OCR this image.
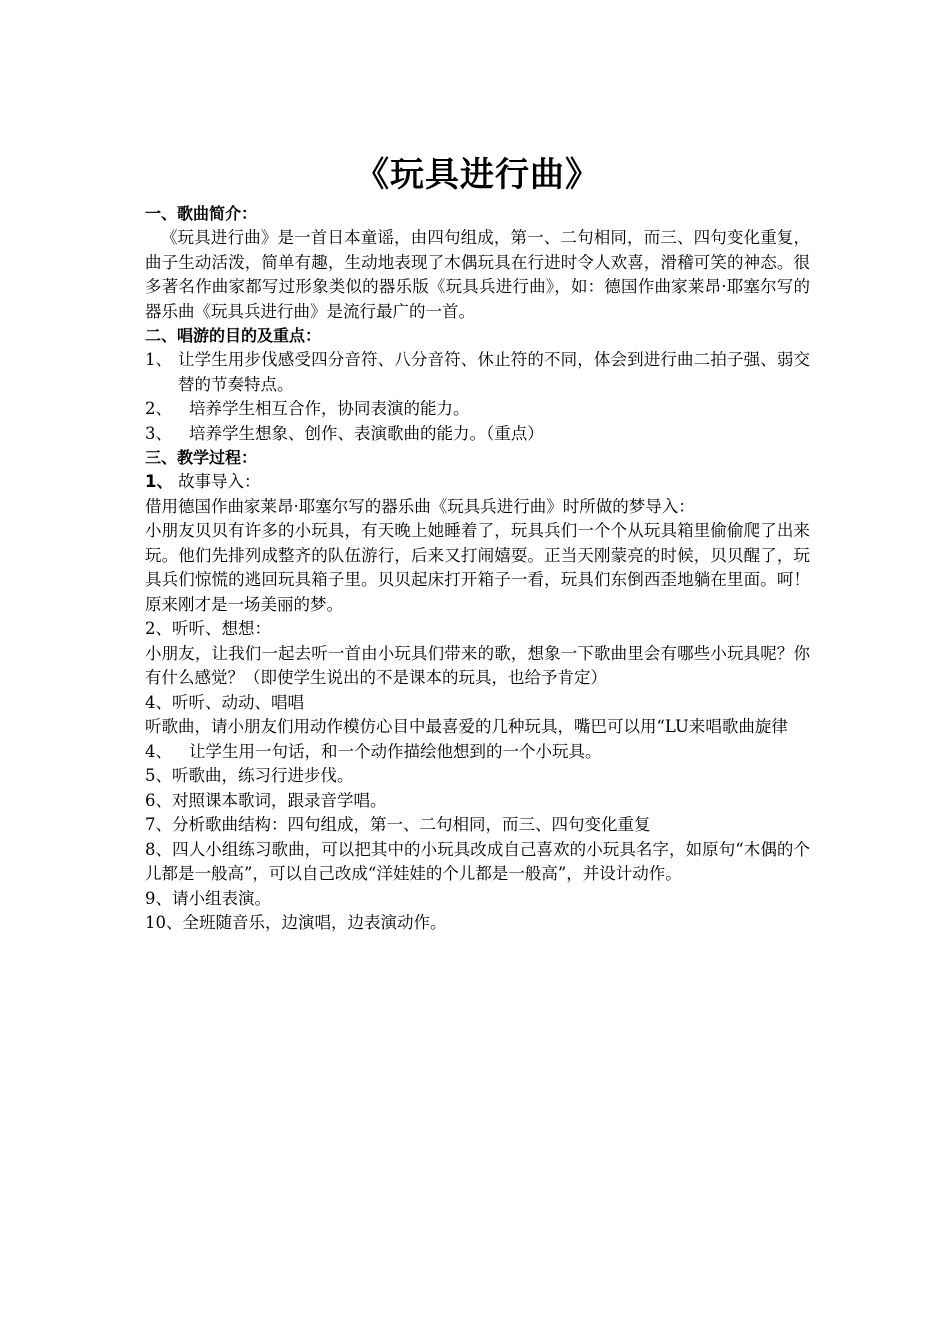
《玩具进行曲》

一、歌曲简介：

《玩具进行曲》是一首日本童谣，由四句组成，第一、二句相同，而三、四句变化重复，曲子生动活泼，简单有趣，生动地表现了木偶玩具在行进时令人欢喜，滑稽可笑的神态。很多著名作曲家都写过形象类似的器乐版《玩具兵进行曲》，如：德国作曲家莱昂·耶塞尔写的器乐曲《玩具兵进行曲》是流行最广的一首。

二、唱游的目的及重点：

1、 让学生用步伐感受四分音符、八分音符、休止符的不同，体会到进行曲二拍子强、弱交替的节奏特点。
2、	培养学生相互合作，协同表演的能力。
3、	培养学生想象、创作、表演歌曲的能力。（重点）

三、教学过程：

1、 故事导入：

借用德国作曲家莱昂·耶塞尔写的器乐曲《玩具兵进行曲》时所做的梦导入：

小朋友贝贝有许多的小玩具，有天晚上她睡着了，玩具兵们一个个从玩具箱里偷偷爬了出来玩。他们先排列成整齐的队伍游行，后来又打闹嬉耍。正当天刚蒙亮的时候，贝贝醒了，玩具兵们惊慌的逃回玩具箱子里。贝贝起床打开箱子一看，玩具们东倒西歪地躺在里面。呵！原来刚才是一场美丽的梦。

2、听听、想想：

小朋友，让我们一起去听一首由小玩具们带来的歌，想象一下歌曲里会有哪些小玩具呢？你有什么感觉？（即使学生说出的不是课本的玩具，也给予肯定）

4、听听、动动、唱唱

听歌曲，请小朋友们用动作模仿心目中最喜爱的几种玩具，嘴巴可以用“LU来唱歌曲旋律

4、	让学生用一句话，和一个动作描绘他想到的一个小玩具。

5、听歌曲，练习行进步伐。

6、对照课本歌词，跟录音学唱。

7、分析歌曲结构：四句组成，第一、二句相同，而三、四句变化重复

8、四人小组练习歌曲，可以把其中的小玩具改成自己喜欢的小玩具名字，如原句“木偶的个儿都是一般高”，可以自己改成“洋娃娃的个儿都是一般高”，并设计动作。

9、请小组表演。

10、全班随音乐，边演唱，边表演动作。
